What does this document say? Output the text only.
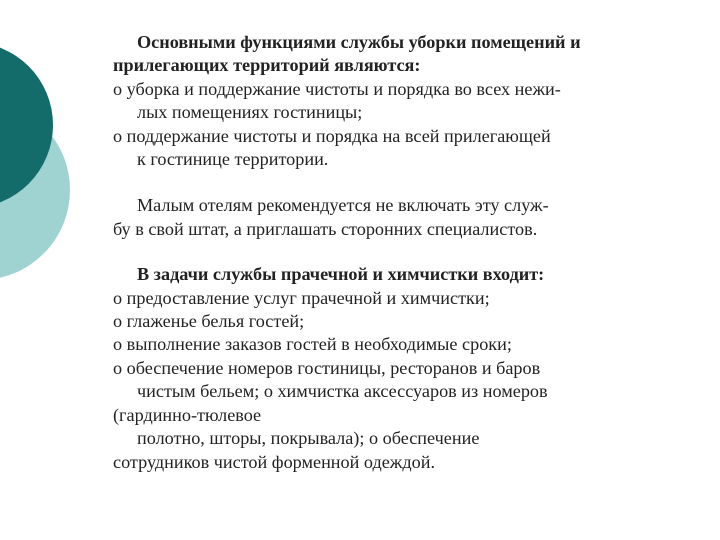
Основными функциями службы уборки помещений и
прилегающих территорий являются:
o уборка и поддержание чистоты и порядка во всех нежи-
лых помещениях гостиницы;
o поддержание чистоты и порядка на всей прилегающей
к гостинице территории.
Малым отелям рекомендуется не включать эту служ-
бу в свой штат, а приглашать сторонних специалистов.
В задачи службы прачечной и химчистки входит:
o предоставление услуг прачечной и химчистки;
o глаженье белья гостей;
o выполнение заказов гостей в необходимые сроки;
o обеспечение номеров гостиницы, ресторанов и баров
чистым бельем; o химчистка аксессуаров из номеров
(гардинно-тюлевое
полотно, шторы, покрывала); o обеспечение
сотрудников чистой форменной одеждой.
